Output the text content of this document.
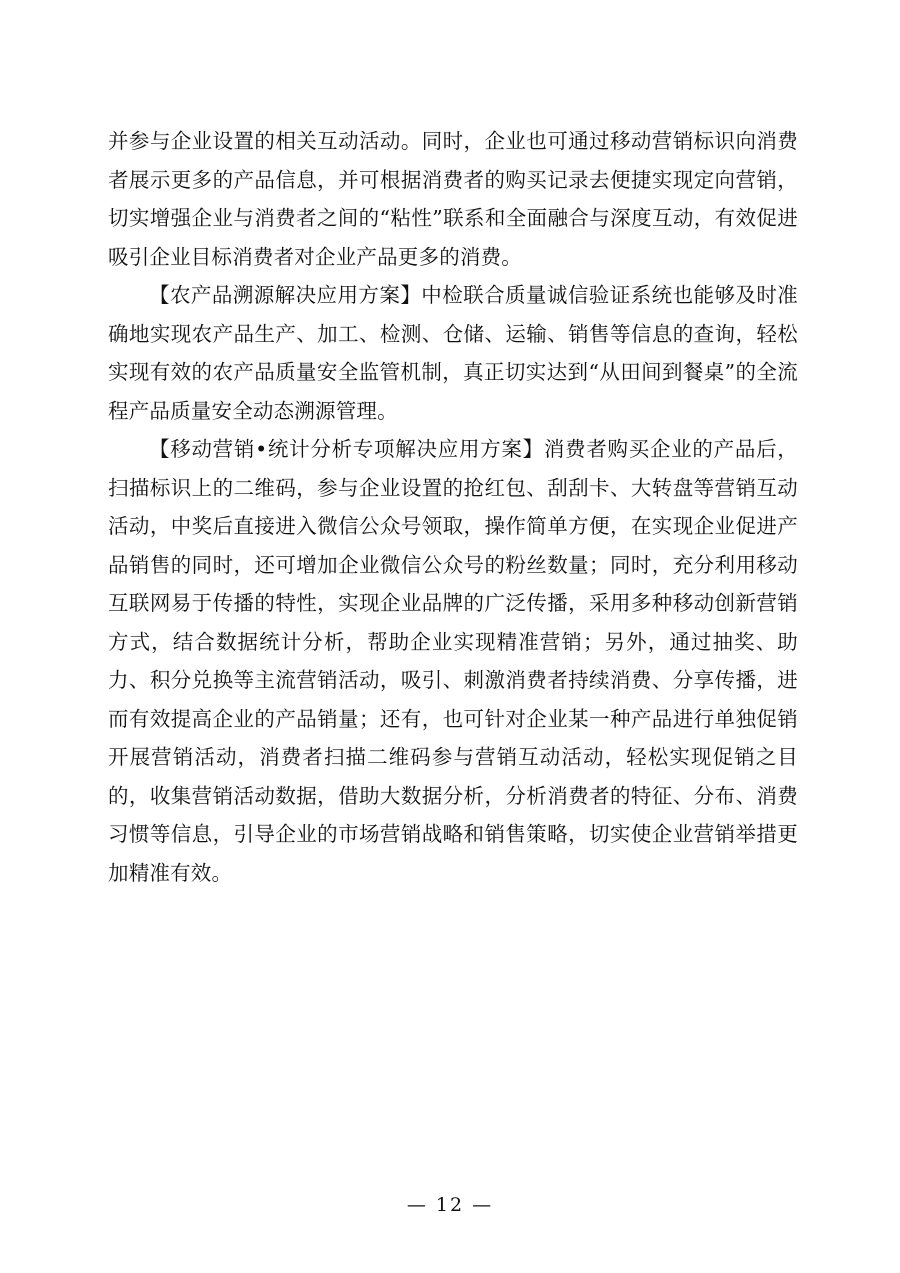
并参与企业设置的相关互动活动。同时，企业也可通过移动营销标识向消费者展示更多的产品信息，并可根据消费者的购买记录去便捷实现定向营销，切实增强企业与消费者之间的“粘性”联系和全面融合与深度互动，有效促进吸引企业目标消费者对企业产品更多的消费。

【农产品溯源解决应用方案】中检联合质量诚信验证系统也能够及时准确地实现农产品生产、加工、检测、仓储、运输、销售等信息的查询，轻松实现有效的农产品质量安全监管机制，真正切实达到“从田间到餐桌”的全流程产品质量安全动态溯源管理。

【移动营销•统计分析专项解决应用方案】消费者购买企业的产品后，扫描标识上的二维码，参与企业设置的抢红包、刮刮卡、大转盘等营销互动活动，中奖后直接进入微信公众号领取，操作简单方便，在实现企业促进产品销售的同时，还可增加企业微信公众号的粉丝数量；同时，充分利用移动互联网易于传播的特性，实现企业品牌的广泛传播，采用多种移动创新营销方式，结合数据统计分析，帮助企业实现精准营销；另外，通过抽奖、助力、积分兑换等主流营销活动，吸引、刺激消费者持续消费、分享传播，进而有效提高企业的产品销量；还有，也可针对企业某一种产品进行单独促销开展营销活动，消费者扫描二维码参与营销互动活动，轻松实现促销之目的，收集营销活动数据，借助大数据分析，分析消费者的特征、分布、消费习惯等信息，引导企业的市场营销战略和销售策略，切实使企业营销举措更加精准有效。

— 12 —
